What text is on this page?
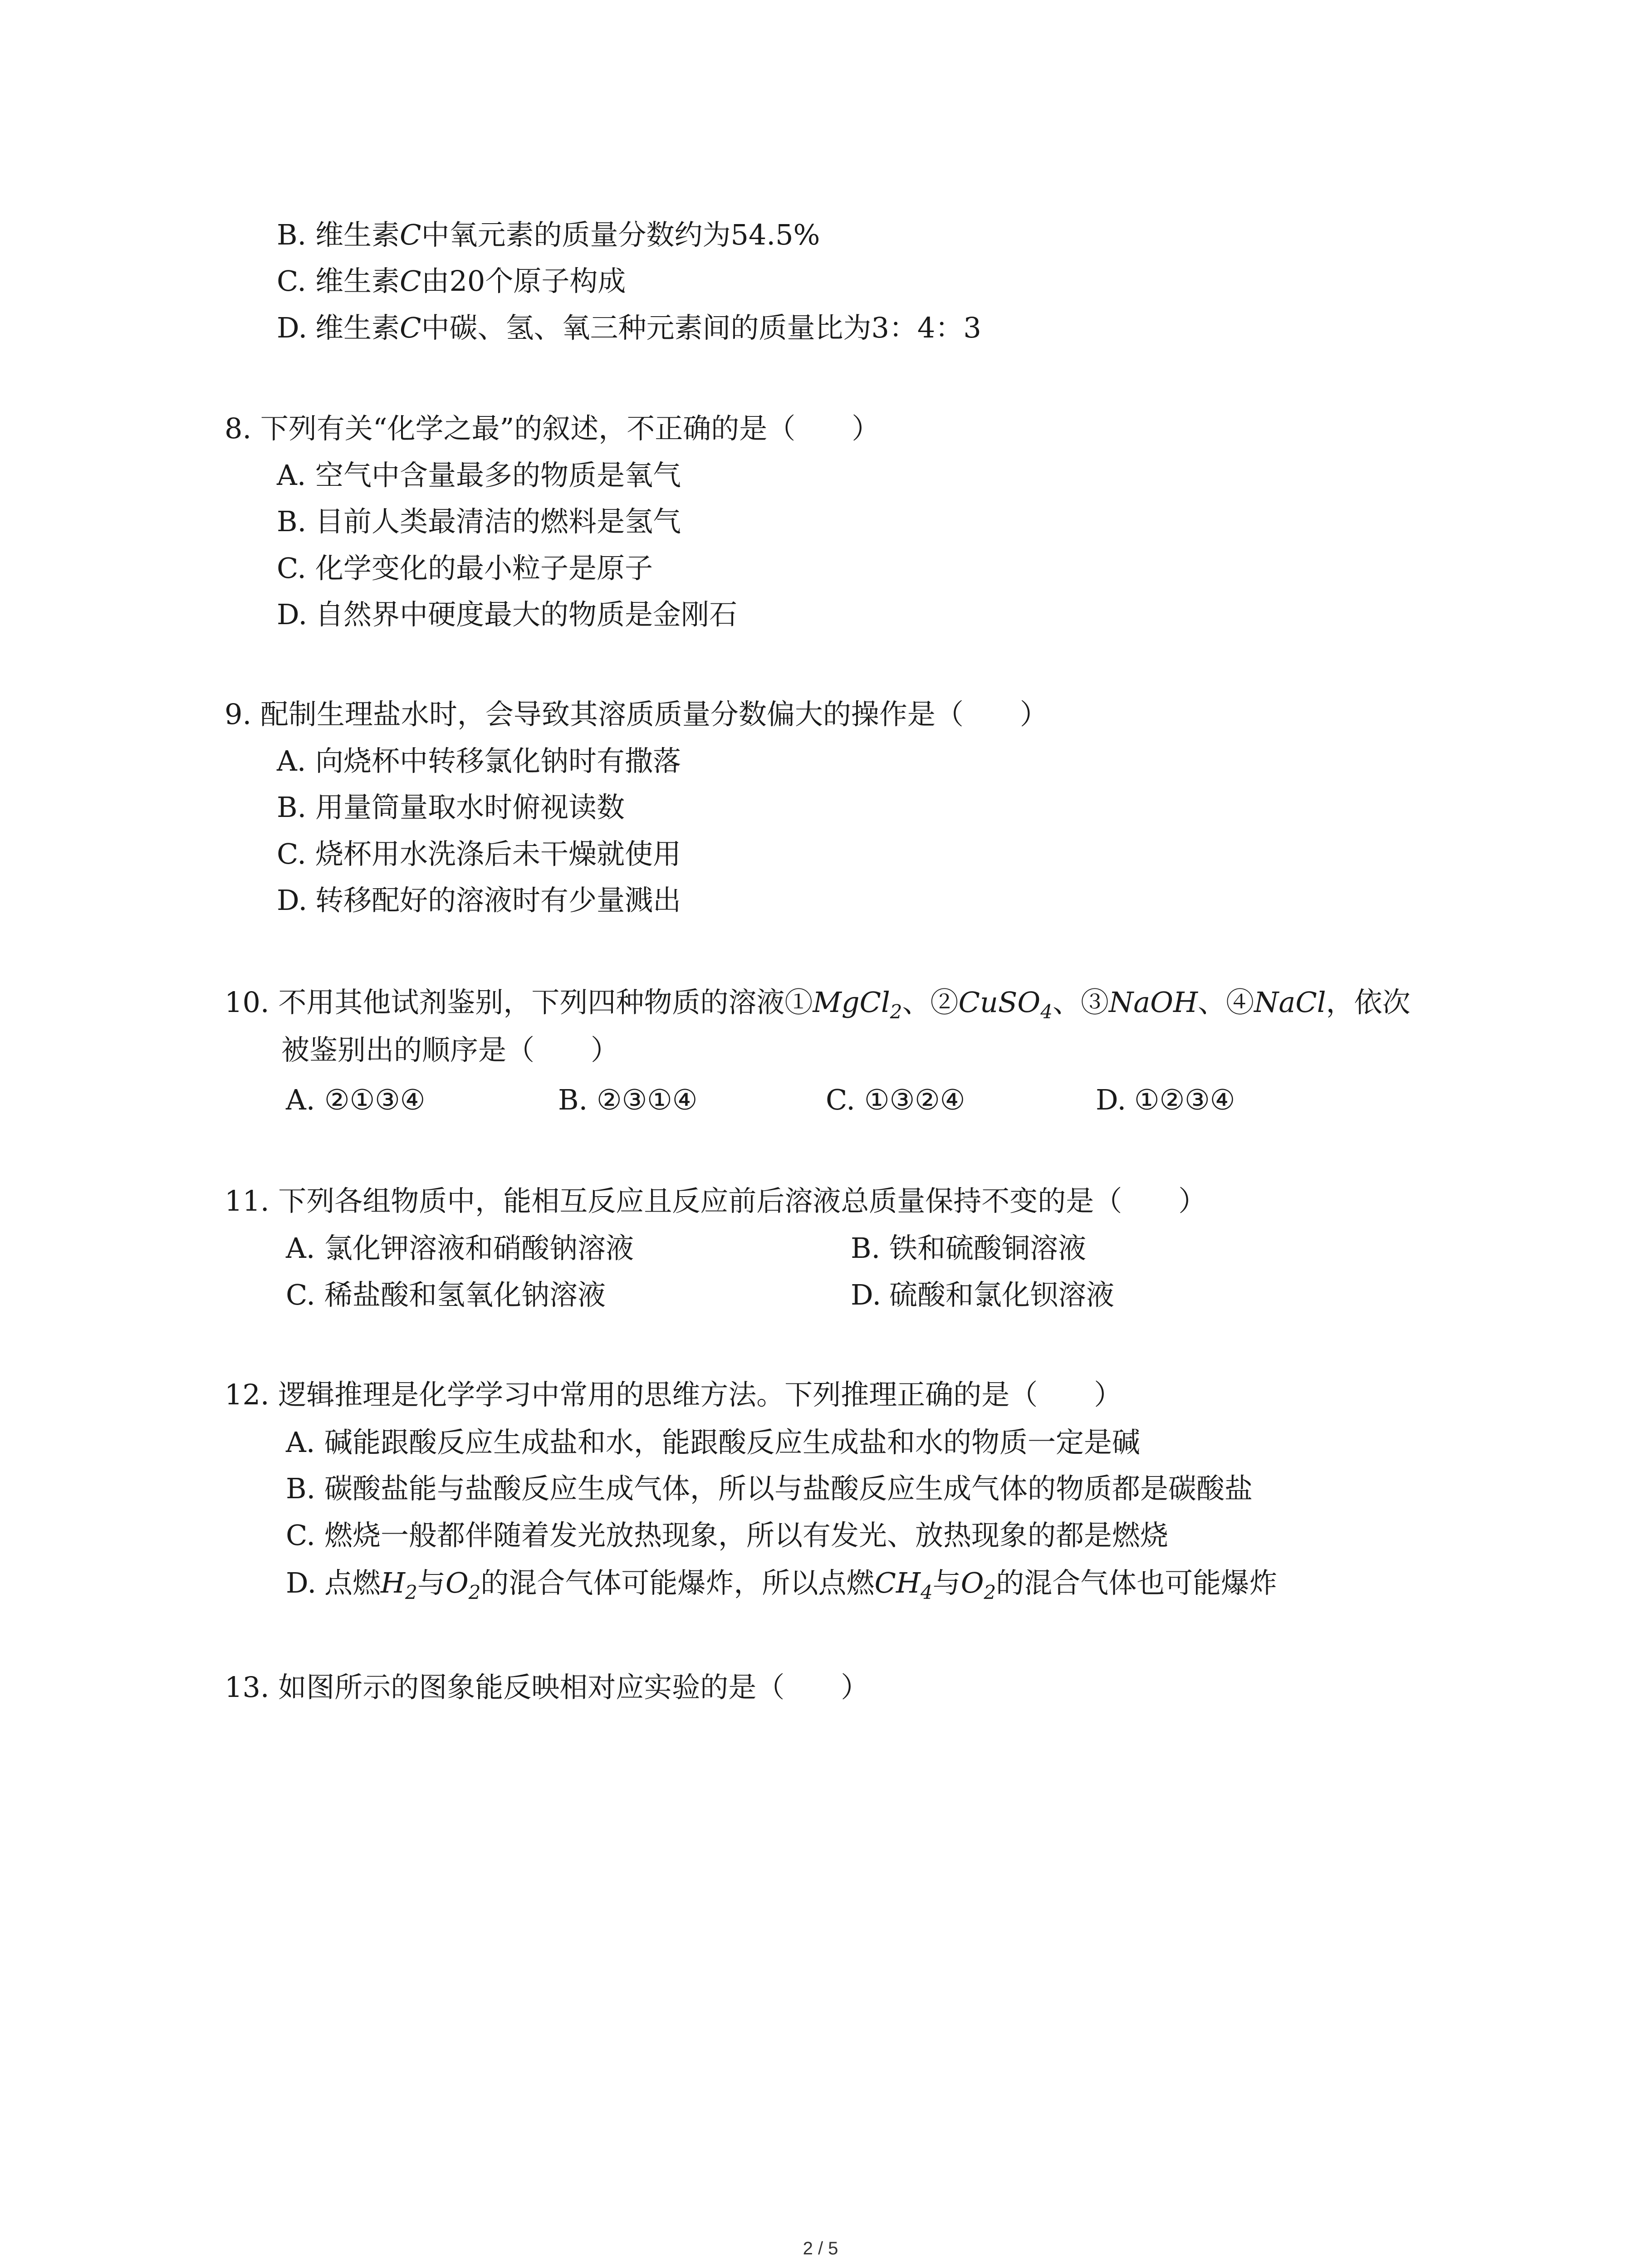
B. 维生素C中氧元素的质量分数约为54.5%
C. 维生素C由20个原子构成
D. 维生素C中碳、氢、氧三种元素间的质量比为3：4：3
8. 下列有关“化学之最”的叙述，不正确的是（　　）
A. 空气中含量最多的物质是氧气
B. 目前人类最清洁的燃料是氢气
C. 化学变化的最小粒子是原子
D. 自然界中硬度最大的物质是金刚石
9. 配制生理盐水时，会导致其溶质质量分数偏大的操作是（　　）
A. 向烧杯中转移氯化钠时有撒落
B. 用量筒量取水时俯视读数
C. 烧杯用水洗涤后未干燥就使用
D. 转移配好的溶液时有少量溅出
10. 不用其他试剂鉴别，下列四种物质的溶液①MgCl$_2$、②CuSO$_4$、③NaOH、④NaCl，依次
被鉴别出的顺序是（　　）
A. ②①③④	B. ②③①④	C. ①③②④	D. ①②③④
11. 下列各组物质中，能相互反应且反应前后溶液总质量保持不变的是（　　）
A. 氯化钾溶液和硝酸钠溶液	B. 铁和硫酸铜溶液
C. 稀盐酸和氢氧化钠溶液	D. 硫酸和氯化钡溶液
12. 逻辑推理是化学学习中常用的思维方法。下列推理正确的是（　　）
A. 碱能跟酸反应生成盐和水，能跟酸反应生成盐和水的物质一定是碱
B. 碳酸盐能与盐酸反应生成气体，所以与盐酸反应生成气体的物质都是碳酸盐
C. 燃烧一般都伴随着发光放热现象，所以有发光、放热现象的都是燃烧
D. 点燃$H_2$与$O_2$的混合气体可能爆炸，所以点燃$CH_4$与$O_2$的混合气体也可能爆炸
13. 如图所示的图象能反映相对应实验的是（　　）
2 / 5
